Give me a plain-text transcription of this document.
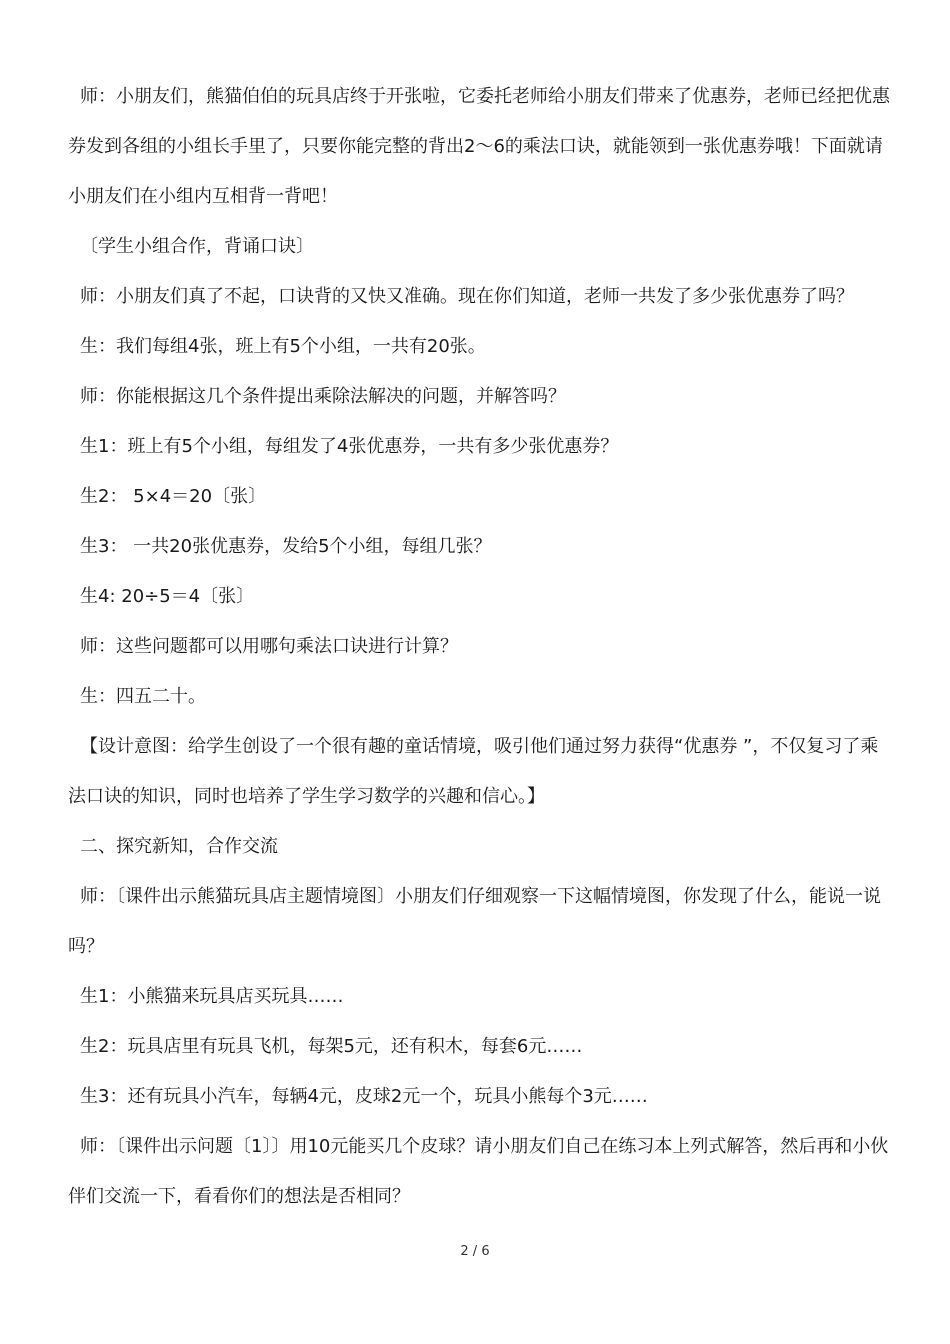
师：小朋友们，熊猫伯伯的玩具店终于开张啦，它委托老师给小朋友们带来了优惠券，老师已经把优惠券发到各组的小组长手里了，只要你能完整的背出2～6的乘法口诀，就能领到一张优惠券哦！下面就请小朋友们在小组内互相背一背吧！
〔学生小组合作，背诵口诀〕
师：小朋友们真了不起，口诀背的又快又准确。现在你们知道，老师一共发了多少张优惠券了吗？
生：我们每组4张，班上有5个小组，一共有20张。
师：你能根据这几个条件提出乘除法解决的问题，并解答吗？
生1：班上有5个小组，每组发了4张优惠券，一共有多少张优惠券？
生2： 5×4＝20〔张〕
生3： 一共20张优惠券，发给5个小组，每组几张？
生4: 20÷5＝4〔张〕
师：这些问题都可以用哪句乘法口诀进行计算？
生：四五二十。
【设计意图：给学生创设了一个很有趣的童话情境，吸引他们通过努力获得“优惠券 ”，不仅复习了乘法口诀的知识，同时也培养了学生学习数学的兴趣和信心。】
二、探究新知，合作交流
师：〔课件出示熊猫玩具店主题情境图〕小朋友们仔细观察一下这幅情境图，你发现了什么，能说一说吗？
生1：小熊猫来玩具店买玩具……
生2：玩具店里有玩具飞机，每架5元，还有积木，每套6元……
生3：还有玩具小汽车，每辆4元，皮球2元一个，玩具小熊每个3元……
师：〔课件出示问题〔1〕〕用10元能买几个皮球？请小朋友们自己在练习本上列式解答，然后再和小伙伴们交流一下，看看你们的想法是否相同？
2 / 6
